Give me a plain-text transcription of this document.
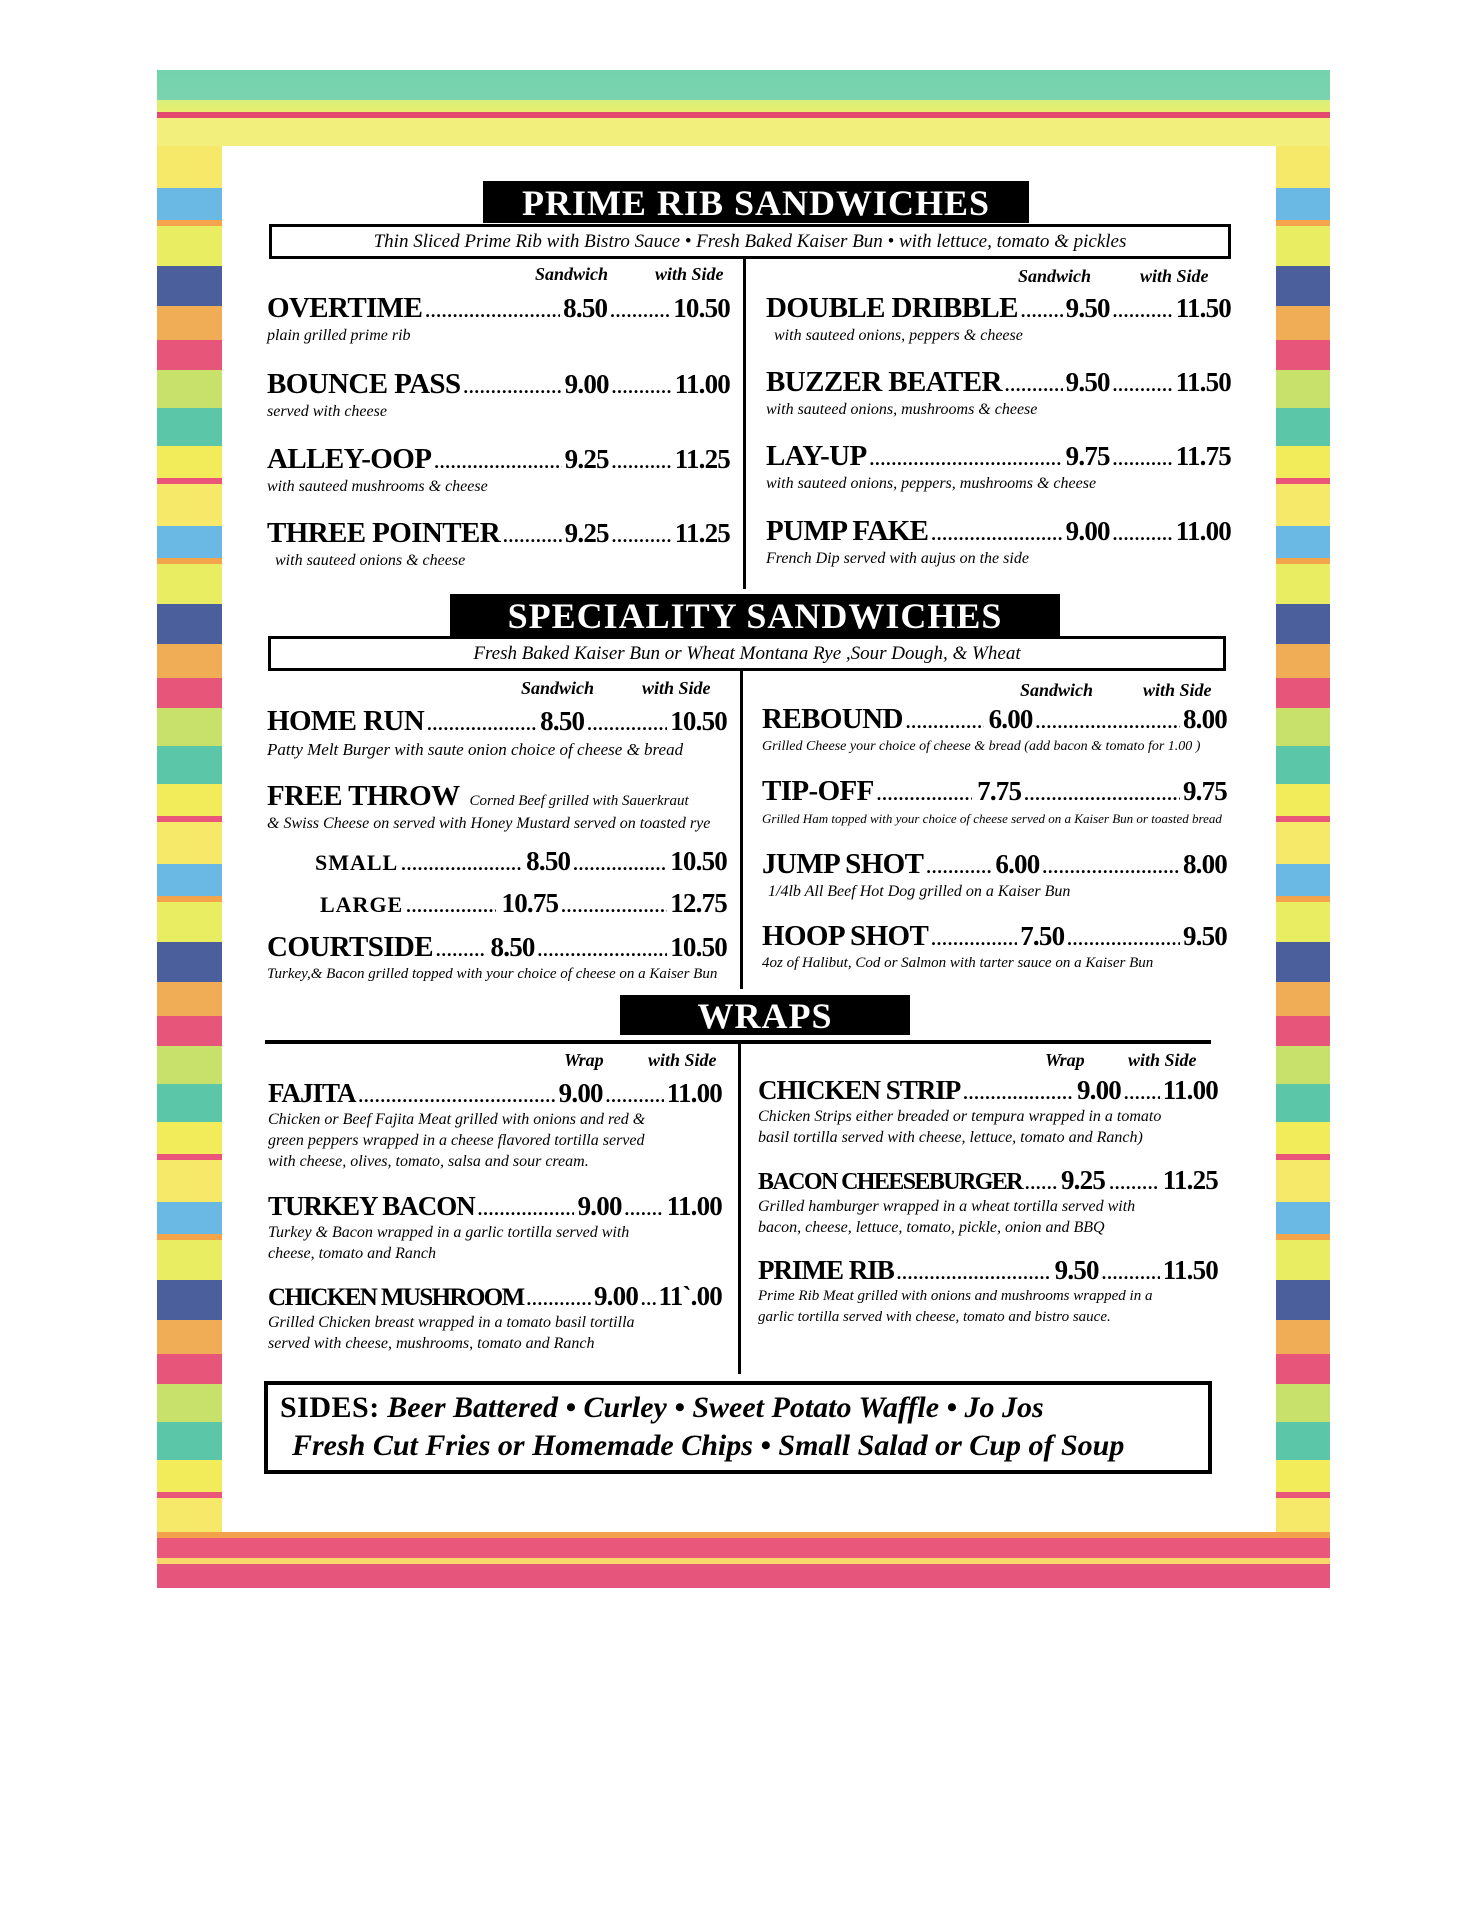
PRIME RIB SANDWICHES
Thin Sliced Prime Rib with Bistro Sauce • Fresh Baked Kaiser Bun • with lettuce, tomato & pickles
Sandwich	with Side	Sandwich	with Side
OVERTIME .....	8.50 ..... 10.50
plain grilled prime rib
BOUNCE PASS .....	9.00 ..... 11.00
served with cheese
ALLEY-OOP .....	9.25 ..... 11.25
with sauteed mushrooms & cheese
THREE POINTER ..... 9.25 ..... 11.25
with sauteed onions & cheese
DOUBLE DRIBBLE ..... 9.50 ..... 11.50
with sauteed onions, peppers & cheese
BUZZER BEATER ..... 9.50 ..... 11.50
with sauteed onions, mushrooms & cheese
LAY-UP .....	9.75 ..... 11.75
with sauteed onions, peppers, mushrooms & cheese
PUMP FAKE .....	9.00 ..... 11.00
French Dip served with aujus on the side
SPECIALITY SANDWICHES
Fresh Baked Kaiser Bun or Wheat Montana Rye ,Sour Dough, & Wheat
Sandwich	with Side	Sandwich	with Side
HOME RUN .....	8.50 .....	10.50
Patty Melt Burger with saute onion choice of cheese & bread
FREE THROW Corned Beef grilled with Sauerkraut
& Swiss Cheese on served with Honey Mustard served on toasted rye
SMALL .....	8.50 .....	10.50
LARGE .....	10.75 .....	12.75
COURTSIDE ..... 8.50 .....	10.50
Turkey,& Bacon grilled topped with your choice of cheese on a Kaiser Bun
REBOUND .....	6.00 .....	8.00
Grilled Cheese your choice of cheese & bread (add bacon & tomato for 1.00 )
TIP-OFF .....	7.75 .....	9.75
Grilled Ham topped with your choice of cheese served on a Kaiser Bun or toasted bread
JUMP SHOT .....	6.00 .....	8.00
1/4lb All Beef Hot Dog grilled on a Kaiser Bun
HOOP SHOT .....	7.50 .....	9.50
4oz of Halibut, Cod or Salmon with tarter sauce on a Kaiser Bun
WRAPS
Wrap with Side	Wrap with Side
FAJITA .....	9.00 ..... 11.00
Chicken or Beef Fajita Meat grilled with onions and red &
green peppers wrapped in a cheese flavored tortilla served
with cheese, olives, tomato, salsa and sour cream.
TURKEY BACON .....	9.00 ..... 11.00
Turkey & Bacon wrapped in a garlic tortilla served with
cheese, tomato and Ranch
CHICKEN MUSHROOM .....	9.00 ..... 11`.00
Grilled Chicken breast wrapped in a tomato basil tortilla
served with cheese, mushrooms, tomato and Ranch
CHICKEN STRIP .....	9.00 ..... 11.00
Chicken Strips either breaded or tempura wrapped in a tomato
basil tortilla served with cheese, lettuce, tomato and Ranch)
BACON CHEESEBURGER ..... 9.25 ..... 11.25
Grilled hamburger wrapped in a wheat tortilla served with
bacon, cheese, lettuce, tomato, pickle, onion and BBQ
PRIME RIB .....	9.50 ..... 11.50
Prime Rib Meat grilled with onions and mushrooms wrapped in a
garlic tortilla served with cheese, tomato and bistro sauce.
SIDES: Beer Battered • Curley • Sweet Potato Waffle • Jo Jos
Fresh Cut Fries or Homemade Chips • Small Salad or Cup of Soup
